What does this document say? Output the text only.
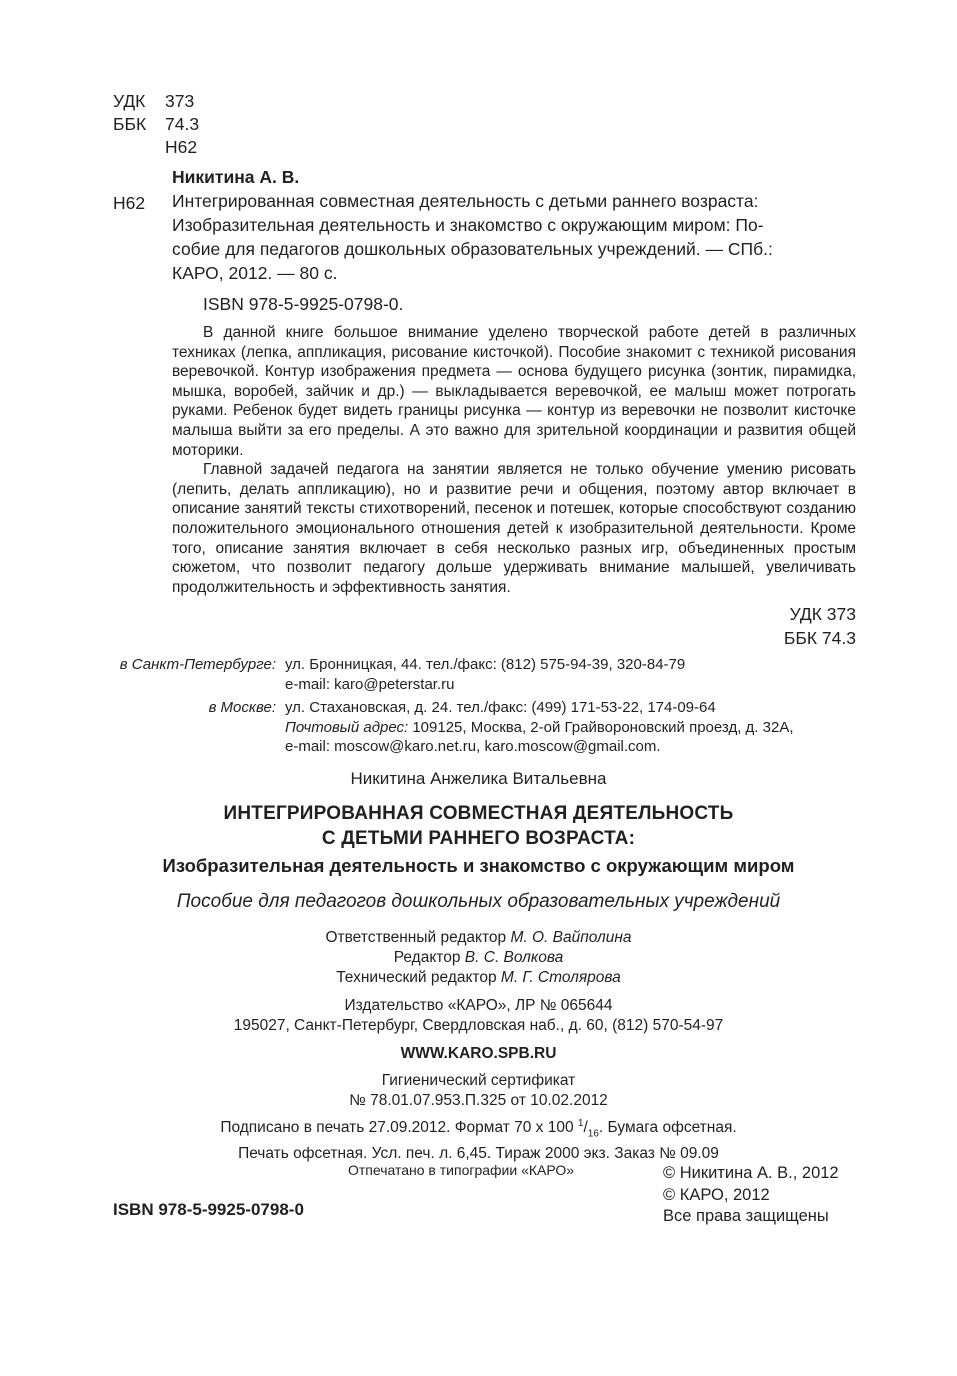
УДК	373
ББК	74.3
Н62
Никитина А. В.
Н62 Интегрированная совместная деятельность с детьми раннего возраста:

Изобразительная деятельность и знакомство с окружающим миром: По-

собие для педагогов дошкольных образовательных учреждений. — СПб.:

КАРО, 2012. — 80 с.

ISBN 978-5-9925-0798-0.

В данной книге большое внимание уделено творческой работе детей в различных техниках (лепка, аппликация, рисование кисточкой). Пособие знакомит с техникой рисования веревочкой. Контур изображения предмета — основа будущего рисунка (зонтик, пирамидка, мышка, воробей, зайчик и др.) — выкладывается веревочкой, ее малыш может потрогать руками. Ребенок будет видеть границы рисунка — контур из веревочки не позволит кисточке малыша выйти за его пределы. А это важно для зрительной координации и развития общей моторики.

Главной задачей педагога на занятии является не только обучение умению рисовать (лепить, делать аппликацию), но и развитие речи и общения, поэтому автор включает в описание занятий тексты стихотворений, песенок и потешек, которые способствуют созданию положительного эмоционального отношения детей к изобразительной деятельности. Кроме того, описание занятия включает в себя несколько разных игр, объединенных простым сюжетом, что позволит педагогу дольше удерживать внимание малышей, увеличивать продолжительность и эффективность занятия.

УДК 373
ББК 74.3
в Санкт-Петербурге: ул. Бронницкая, 44. тел./факс: (812) 575-94-39, 320-84-79
e-mail: karo@peterstar.ru
в Москве: ул. Стахановская, д. 24. тел./факс: (499) 171-53-22, 174-09-64
Почтовый адрес: 109125, Москва, 2-ой Грайвороновский проезд, д. 32А,
e-mail: moscow@karo.net.ru, karo.moscow@gmail.com.
Никитина Анжелика Витальевна
ИНТЕГРИРОВАННАЯ СОВМЕСТНАЯ ДЕЯТЕЛЬНОСТЬ
С ДЕТЬМИ РАННЕГО ВОЗРАСТА:
Изобразительная деятельность и знакомство с окружающим миром
Пособие для педагогов дошкольных образовательных учреждений
Ответственный редактор М. О. Вайполина
Редактор В. С. Волкова
Технический редактор М. Г. Столярова
Издательство «КАРО», ЛР № 065644
195027, Санкт-Петербург, Свердловская наб., д. 60, (812) 570-54-97
WWW.KARO.SPB.RU
Гигиенический сертификат
№ 78.01.07.953.П.325 от 10.02.2012
Подписано в печать 27.09.2012. Формат 70 х 100 $^1/_{16}$. Бумага офсетная.
Печать офсетная. Усл. печ. л. 6,45. Тираж 2000 экз. Заказ № 09.09
Отпечатано в типографии «КАРО»	© Никитина А. В., 2012
© КАРО, 2012
Все права защищены
ISBN 978-5-9925-0798-0
